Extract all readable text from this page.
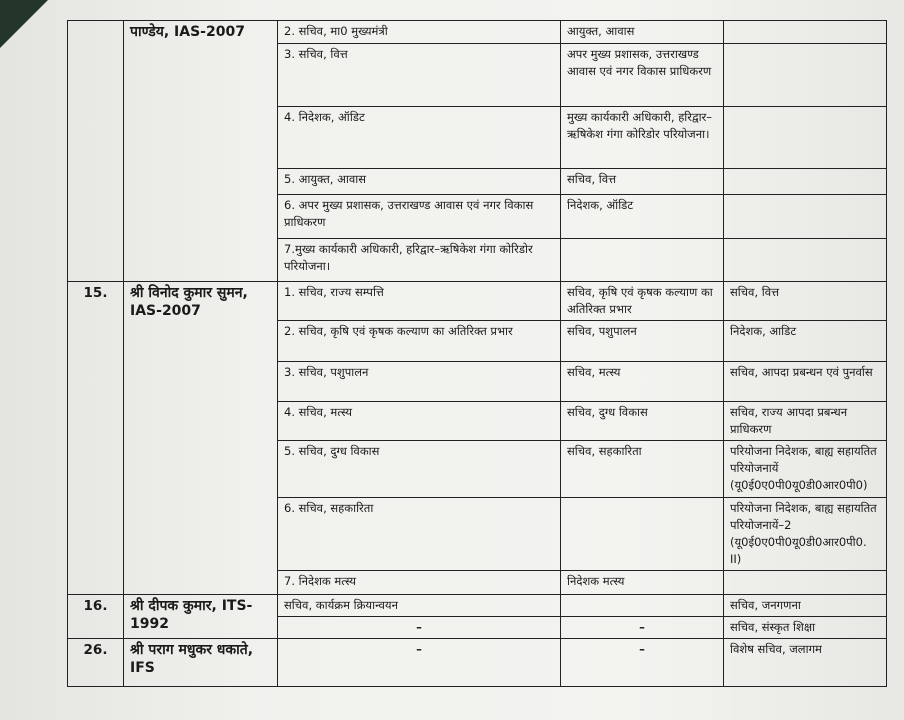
	पाण्डेय, IAS-2007	2. सचिव, मा0 मुख्यमंत्री	आयुक्त, आवास	
		3. सचिव, वित्त	अपर मुख्य प्रशासक, उत्तराखण्ड आवास एवं नगर विकास प्राधिकरण	
		4. निदेशक, ऑडिट	मुख्य कार्यकारी अधिकारी, हरिद्वार–ऋषिकेश गंगा कोरिडोर परियोजना।	
		5. आयुक्त, आवास	सचिव, वित्त	
		6. अपर मुख्य प्रशासक, उत्तराखण्ड आवास एवं नगर विकास प्राधिकरण	निदेशक, ऑडिट	
		7.मुख्य कार्यकारी अधिकारी, हरिद्वार–ऋषिकेश गंगा कोरिडोर परियोजना।		
15.	श्री विनोद कुमार सुमन, IAS-2007	1. सचिव, राज्य सम्पत्ति	सचिव, कृषि एवं कृषक कल्याण का अतिरिक्त प्रभार	सचिव, वित्त
		2. सचिव, कृषि एवं कृषक कल्याण का अतिरिक्त प्रभार	सचिव, पशुपालन	निदेशक, आडिट
		3. सचिव, पशुपालन	सचिव, मत्स्य	सचिव, आपदा प्रबन्धन एवं पुनर्वास
		4. सचिव, मत्स्य	सचिव, दुग्ध विकास	सचिव, राज्य आपदा प्रबन्धन प्राधिकरण
		5. सचिव, दुग्ध विकास	सचिव, सहकारिता	परियोजना निदेशक, बाह्य सहायतित परियोजनायें (यू0ई0ए0पी0यू0डी0आर0पी0)
		6. सचिव, सहकारिता		परियोजना निदेशक, बाह्य सहायतित परियोजनायें–2 (यू0ई0ए0पी0यू0डी0आर0पी0. II)
		7. निदेशक मत्स्य	निदेशक मत्स्य	
16.	श्री दीपक कुमार, ITS-1992	सचिव, कार्यक्रम क्रियान्वयन		सचिव, जनगणना
		–	–	सचिव, संस्कृत शिक्षा
26.	श्री पराग मधुकर धकाते, IFS	–	–	विशेष सचिव, जलागम
